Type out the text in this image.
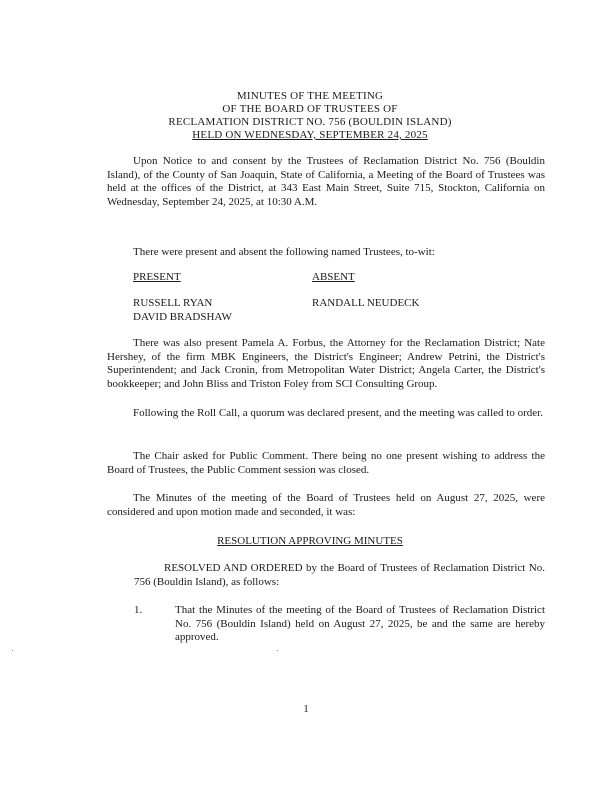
MINUTES OF THE MEETING
OF THE BOARD OF TRUSTEES OF
RECLAMATION DISTRICT NO. 756 (BOULDIN ISLAND)
HELD ON WEDNESDAY, SEPTEMBER 24, 2025
Upon Notice to and consent by the Trustees of Reclamation District No. 756 (Bouldin Island), of the County of San Joaquin, State of California, a Meeting of the Board of Trustees was held at the offices of the District, at 343 East Main Street, Suite 715, Stockton, California on Wednesday, September 24, 2025, at 10:30 A.M.
There were present and absent the following named Trustees, to-wit:
PRESENT	ABSENT
RUSSELL RYAN
DAVID BRADSHAW
RANDALL NEUDECK
There was also present Pamela A. Forbus, the Attorney for the Reclamation District; Nate Hershey, of the firm MBK Engineers, the District's Engineer; Andrew Petrini, the District's Superintendent; and Jack Cronin, from Metropolitan Water District; Angela Carter, the District's bookkeeper; and John Bliss and Triston Foley from SCI Consulting Group.
Following the Roll Call, a quorum was declared present, and the meeting was called to order.
The Chair asked for Public Comment. There being no one present wishing to address the Board of Trustees, the Public Comment session was closed.
The Minutes of the meeting of the Board of Trustees held on August 27, 2025, were considered and upon motion made and seconded, it was:
RESOLUTION APPROVING MINUTES
RESOLVED AND ORDERED by the Board of Trustees of Reclamation District No. 756 (Bouldin Island), as follows:
1.	That the Minutes of the meeting of the Board of Trustees of Reclamation District No. 756 (Bouldin Island) held on August 27, 2025, be and the same are hereby approved.
1
